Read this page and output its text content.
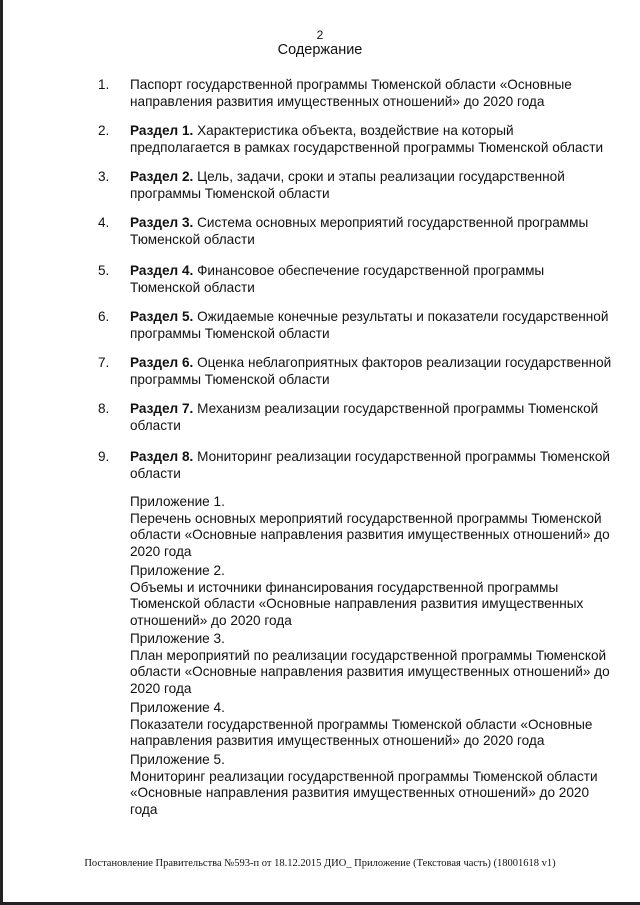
2
Содержание
1. Паспорт государственной программы Тюменской области «Основные направления развития имущественных отношений» до 2020 года
2. Раздел 1. Характеристика объекта, воздействие на который предполагается в рамках государственной программы Тюменской области
3. Раздел 2. Цель, задачи, сроки и этапы реализации государственной программы Тюменской области
4. Раздел 3. Система основных мероприятий государственной программы Тюменской области
5. Раздел 4. Финансовое обеспечение государственной программы Тюменской области
6. Раздел 5. Ожидаемые конечные результаты и показатели государственной программы Тюменской области
7. Раздел 6. Оценка неблагоприятных факторов реализации государственной программы Тюменской области
8. Раздел 7. Механизм реализации государственной программы Тюменской области
9. Раздел 8. Мониторинг реализации государственной программы Тюменской области
Приложение 1.
Перечень основных мероприятий государственной программы Тюменской области «Основные направления развития имущественных отношений» до 2020 года
Приложение 2.
Объемы и источники финансирования государственной программы Тюменской области «Основные направления развития имущественных отношений» до 2020 года
Приложение 3.
План мероприятий по реализации государственной программы Тюменской области «Основные направления развития имущественных отношений» до 2020 года
Приложение 4.
Показатели государственной программы Тюменской области «Основные направления развития имущественных отношений» до 2020 года
Приложение 5.
Мониторинг реализации государственной программы Тюменской области «Основные направления развития имущественных отношений» до 2020 года
Постановление Правительства №593-п от 18.12.2015 ДИО_ Приложение (Текстовая часть) (18001618 v1)
